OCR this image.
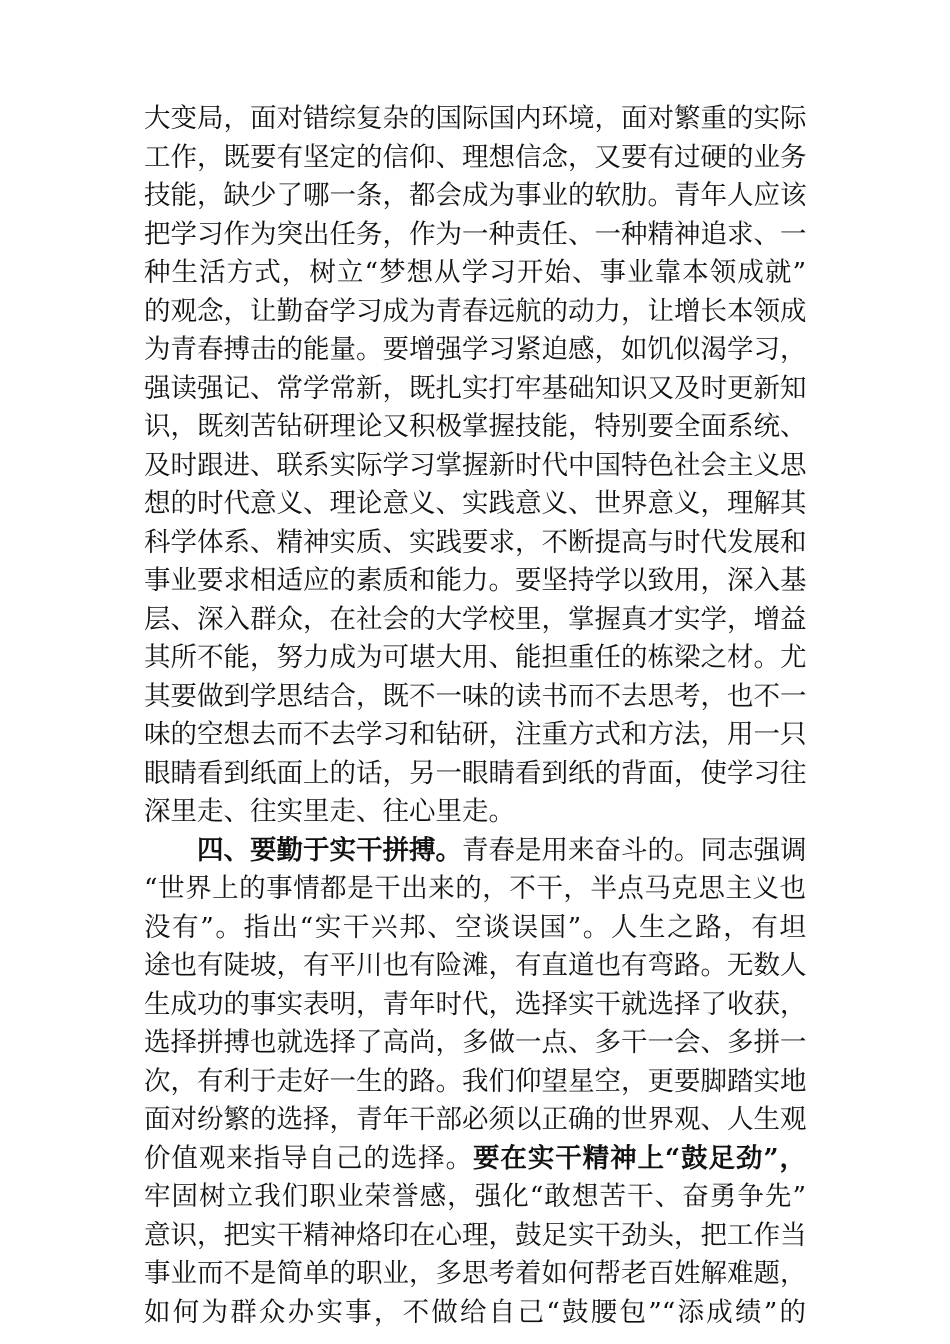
大变局，面对错综复杂的国际国内环境，面对繁重的实际
工作，既要有坚定的信仰、理想信念，又要有过硬的业务
技能，缺少了哪一条，都会成为事业的软肋。青年人应该
把学习作为突出任务，作为一种责任、一种精神追求、一
种生活方式，树立“梦想从学习开始、事业靠本领成就”
的观念，让勤奋学习成为青春远航的动力，让增长本领成
为青春搏击的能量。要增强学习紧迫感，如饥似渴学习，
强读强记、常学常新，既扎实打牢基础知识又及时更新知
识，既刻苦钻研理论又积极掌握技能，特别要全面系统、
及时跟进、联系实际学习掌握新时代中国特色社会主义思
想的时代意义、理论意义、实践意义、世界意义，理解其
科学体系、精神实质、实践要求，不断提高与时代发展和
事业要求相适应的素质和能力。要坚持学以致用，深入基
层、深入群众，在社会的大学校里，掌握真才实学，增益
其所不能，努力成为可堪大用、能担重任的栋梁之材。尤
其要做到学思结合，既不一味的读书而不去思考，也不一
味的空想去而不去学习和钻研，注重方式和方法，用一只
眼睛看到纸面上的话，另一眼睛看到纸的背面，使学习往
深里走、往实里走、往心里走。
四、要勤于实干拼搏。青春是用来奋斗的。同志强调
“世界上的事情都是干出来的，不干，半点马克思主义也
没有”。指出“实干兴邦、空谈误国”。人生之路，有坦
途也有陡坡，有平川也有险滩，有直道也有弯路。无数人
生成功的事实表明，青年时代，选择实干就选择了收获，
选择拼搏也就选择了高尚，多做一点、多干一会、多拼一
次，有利于走好一生的路。我们仰望星空，更要脚踏实地
面对纷繁的选择，青年干部必须以正确的世界观、人生观
价值观来指导自己的选择。要在实干精神上“鼓足劲”，
牢固树立我们职业荣誉感，强化“敢想苦干、奋勇争先”
意识，把实干精神烙印在心理，鼓足实干劲头，把工作当
事业而不是简单的职业，多思考着如何帮老百姓解难题，
如何为群众办实事，不做给自己“鼓腰包”“添成绩”的
